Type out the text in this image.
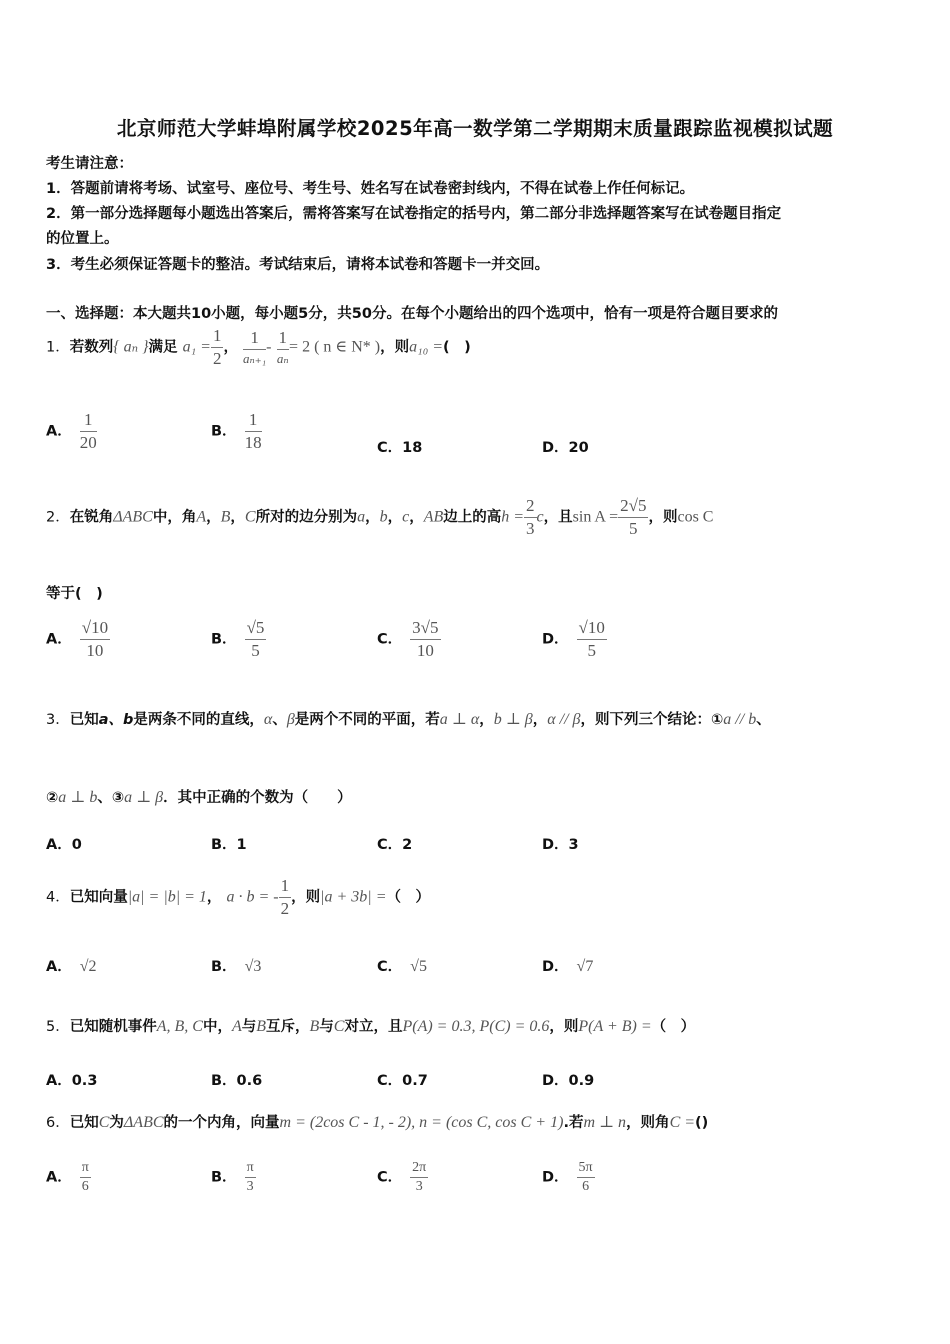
北京师范大学蚌埠附属学校2025年高一数学第二学期期末质量跟踪监视模拟试题
考生请注意：
1．答题前请将考场、试室号、座位号、考生号、姓名写在试卷密封线内，不得在试卷上作任何标记。
2．第一部分选择题每小题选出答案后，需将答案写在试卷指定的括号内，第二部分非选择题答案写在试卷题目指定
的位置上。
3．考生必须保证答题卡的整洁。考试结束后，请将本试卷和答题卡一并交回。
一、选择题：本大题共10小题，每小题5分，共50分。在每个小题给出的四个选项中，恰有一项是符合题目要求的
1．若数列{ aₙ }满足 $a_1 = \frac{1}{2}$ ， $\frac{1}{\text{aₙ₊₁}} - \frac{1}{\text{aₙ}} = 2$ ( n ∈ N* )，则a₁₀ =(　)
A． $\frac{1}{20}$	B． $\frac{1}{18}$	C．18	D．20
2．在锐角ΔABC中，角A，B，C所对的边分别为a，b，c，AB边上的高$h = \frac{2}{3}$ c，且$\sin A = \frac{2√5}{5}$ ，则cos C
等于(　)
A． $\frac{√10}{10}$	B． $\frac{√5}{5}$	C． $\frac{3√5}{10}$	D． $\frac{√10}{5}$
3．已知a、b是两条不同的直线，α、β是两个不同的平面，若a ⊥ α，b ⊥ β，α // β，则下列三个结论：①a // b、
②a ⊥ b、③a ⊥ β．其中正确的个数为（　　）
A．0	B．1	C．2	D．3
4．已知向量|a| = |b| = 1， a · b = - $\frac{1}{2}$ ，则|a + 3b| =（　）
A． √2	B． √3	C． √5	D． √7
5．已知随机事件A, B, C中，A与B互斥，B与C对立，且P(A) = 0.3, P(C) = 0.6，则P(A + B) =（　）
A．0.3	B．0.6	C．0.7	D．0.9
6．已知C为ΔABC的一个内角，向量m = (2cos C - 1, - 2), n = (cos C, cos C + 1).若m ⊥ n，则角C =()
A． $\frac{\pi}{6}$	B． $\frac{\pi}{3}$	C． $\frac{2\pi}{3}$	D． $\frac{5\pi}{6}$
